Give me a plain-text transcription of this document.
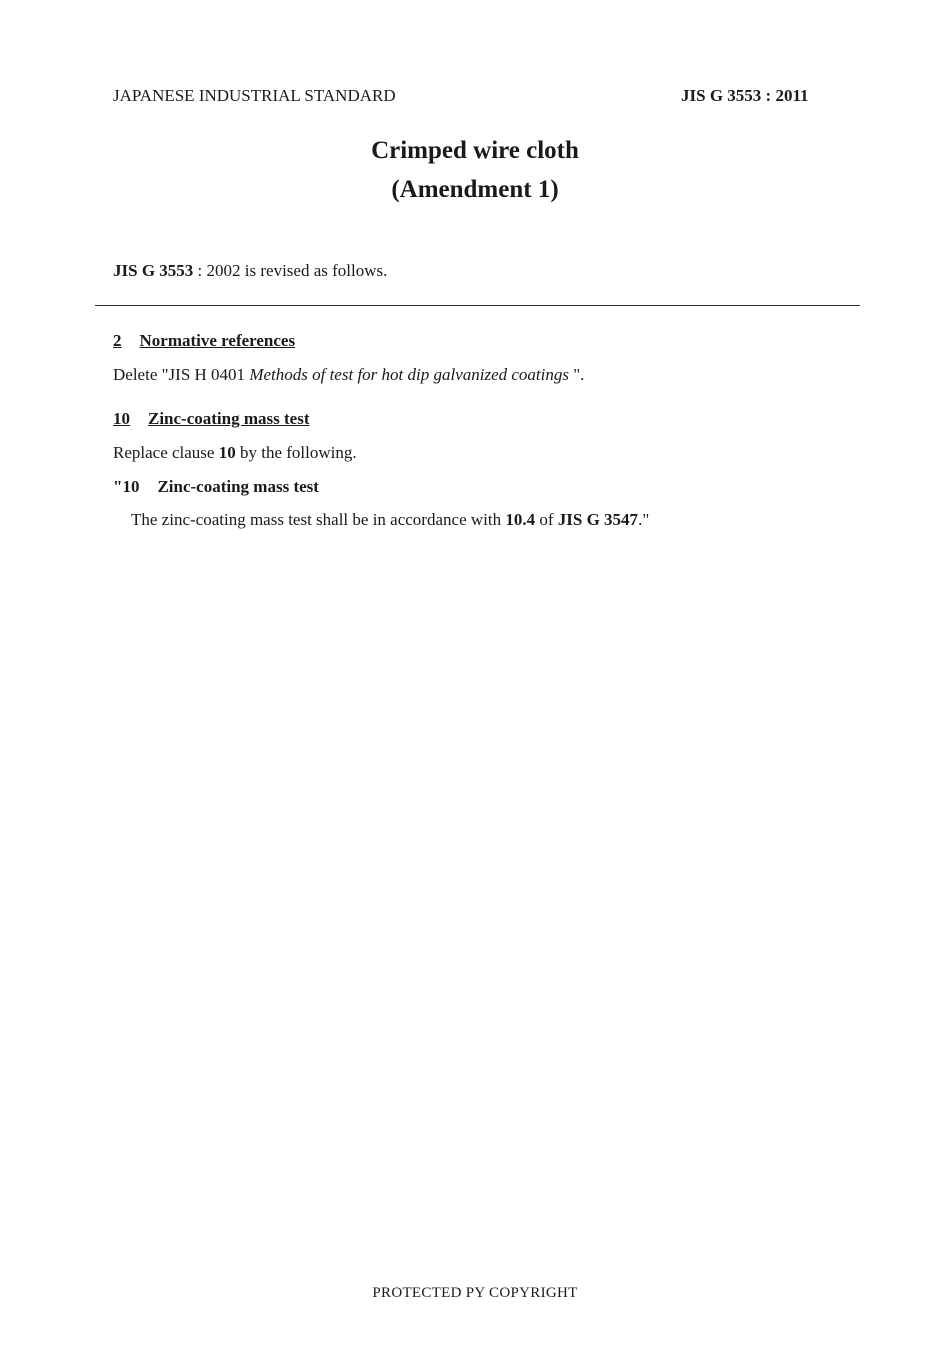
JAPANESE INDUSTRIAL STANDARD	JIS G 3553 : 2011
Crimped wire cloth
(Amendment 1)
JIS G 3553 : 2002 is revised as follows.
2 Normative references
Delete "JIS H 0401 Methods of test for hot dip galvanized coatings ".
10 Zinc-coating mass test
Replace clause 10 by the following.
"10 Zinc-coating mass test
The zinc-coating mass test shall be in accordance with 10.4 of JIS G 3547."
PROTECTED PY COPYRIGHT
